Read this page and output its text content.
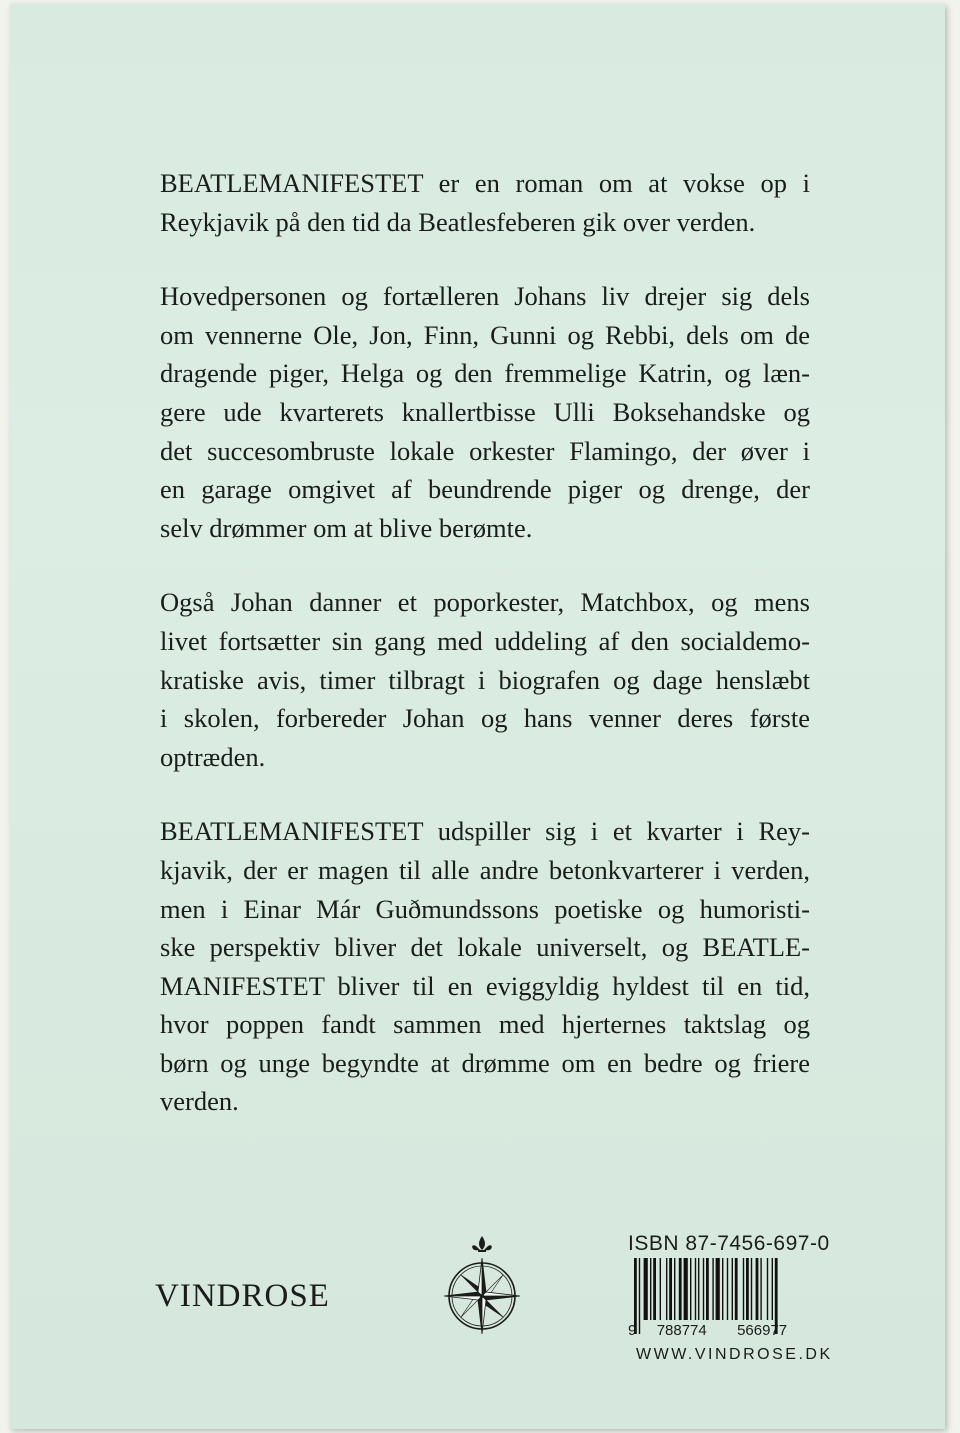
BEATLEMANIFESTET er en roman om at vokse op i
Reykjavik på den tid da Beatlesfeberen gik over verden.

Hovedpersonen og fortælleren Johans liv drejer sig dels
om vennerne Ole, Jon, Finn, Gunni og Rebbi, dels om de
dragende piger, Helga og den fremmelige Katrin, og læn-
gere ude kvarterets knallertbisse Ulli Boksehandske og
det succesombruste lokale orkester Flamingo, der øver i
en garage omgivet af beundrende piger og drenge, der
selv drømmer om at blive berømte.

Også Johan danner et poporkester, Matchbox, og mens
livet fortsætter sin gang med uddeling af den socialdemo-
kratiske avis, timer tilbragt i biografen og dage henslæbt
i skolen, forbereder Johan og hans venner deres første
optræden.

BEATLEMANIFESTET udspiller sig i et kvarter i Rey-
kjavik, der er magen til alle andre betonkvarterer i verden,
men i Einar Már Guðmundssons poetiske og humoristi-
ske perspektiv bliver det lokale universelt, og BEATLE-
MANIFESTET bliver til en eviggyldig hyldest til en tid,
hvor poppen fandt sammen med hjerternes taktslag og
børn og unge begyndte at drømme om en bedre og friere
verden.

VINDROSE
ISBN 87-7456-697-0
9 788774 566977
WWW.VINDROSE.DK
